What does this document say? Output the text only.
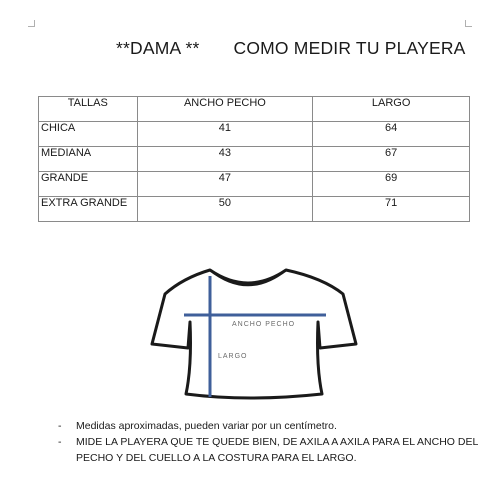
**DAMA ** COMO MEDIR TU PLAYERA
TALLAS	ANCHO PECHO	LARGO
CHICA	41	64
MEDIANA	43	67
GRANDE	47	69
EXTRA GRANDE	50	71
ANCHO PECHO
LARGO
- Medidas aproximadas, pueden variar por un centímetro.
- MIDE LA PLAYERA QUE TE QUEDE BIEN, DE AXILA A AXILA PARA EL ANCHO DEL PECHO Y DEL CUELLO A LA COSTURA PARA EL LARGO.
